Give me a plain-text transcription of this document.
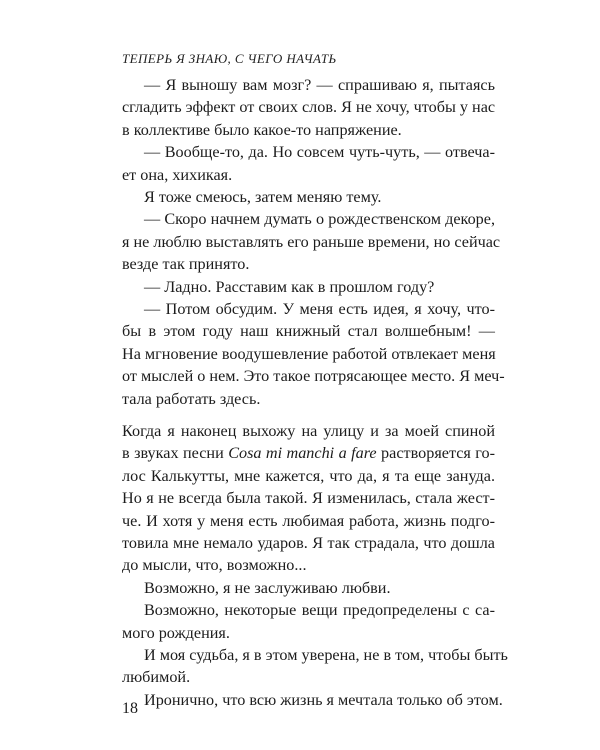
ТЕПЕРЬ Я ЗНАЮ, С ЧЕГО НАЧАТЬ
— Я выношу вам мозг? — спрашиваю я, пытаясь
сгладить эффект от своих слов. Я не хочу, чтобы у нас
в коллективе было какое-то напряжение.
— Вообще-то, да. Но совсем чуть-чуть, — отвеча-
ет она, хихикая.
Я тоже смеюсь, затем меняю тему.
— Скоро начнем думать о рождественском декоре,
я не люблю выставлять его раньше времени, но сейчас
везде так принято.
— Ладно. Расставим как в прошлом году?
— Потом обсудим. У меня есть идея, я хочу, что-
бы в этом году наш книжный стал волшебным! —
На мгновение воодушевление работой отвлекает меня
от мыслей о нем. Это такое потрясающее место. Я меч-
тала работать здесь.
Когда я наконец выхожу на улицу и за моей спиной
в звуках песни Cosa mi manchi a fare растворяется го-
лос Калькутты, мне кажется, что да, я та еще зануда.
Но я не всегда была такой. Я изменилась, стала жест-
че. И хотя у меня есть любимая работа, жизнь подго-
товила мне немало ударов. Я так страдала, что дошла
до мысли, что, возможно...
Возможно, я не заслуживаю любви.
Возможно, некоторые вещи предопределены с са-
мого рождения.
И моя судьба, я в этом уверена, не в том, чтобы быть
любимой.
Иронично, что всю жизнь я мечтала только об этом.
18
